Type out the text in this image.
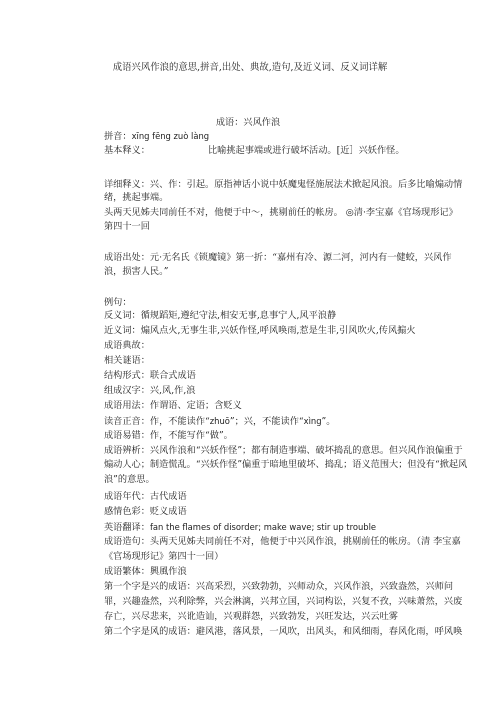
成语兴风作浪的意思,拼音,出处、典故,造句,及近义词、反义词详解
成语：兴风作浪
拼音：xīng fēng zuò làng
基本释义：	比喻挑起事端或进行破坏活动。[近］兴妖作怪。
详细释义：兴、作：引起。原指神话小说中妖魔鬼怪施展法术掀起风浪。后多比喻煽动情
绪，挑起事端。
头两天见姊夫同前任不对，他便于中～，挑剔前任的帐房。 ◎清·李宝嘉《官场现形记》
第四十一回
成语出处：元·无名氏《锁魔镜》第一折：“嘉州有冷、源二河，河内有一健蛟，兴风作
浪，损害人民。”
例句：
反义词：循规蹈矩,遵纪守法,相安无事,息事宁人,风平浪静
近义词：煽风点火,无事生非,兴妖作怪,呼风唤雨,惹是生非,引风吹火,传风搧火
成语典故：
相关谜语：
结构形式：联合式成语
组成汉字：兴,风,作,浪
成语用法：作谓语、定语；含贬义
读音正音：作，不能读作“zhuō”；兴，不能读作“xìng”。
成语易错：作，不能写作“做”。
成语辨析：兴风作浪和“兴妖作怪”；都有制造事端、破坏捣乱的意思。但兴风作浪偏重于
煽动人心；制造慌乱。“兴妖作怪”偏重于暗地里破坏、捣乱；语义范围大；但没有“掀起风
浪”的意思。
成语年代：古代成语
感情色彩：贬义成语
英语翻译：fan the flames of disorder; make wave; stir up trouble
成语造句：头两天见姊夫同前任不对，他便于中兴风作浪，挑剔前任的帐房。（清 李宝嘉
《官场现形记》第四十一回）
成语繁体：興風作浪
第一个字是兴的成语：兴高采烈，兴致勃勃，兴师动众，兴风作浪，兴致盎然，兴师问
罪，兴趣盎然，兴利除弊，兴会淋漓，兴邦立国，兴词构讼，兴复不孜，兴味萧然，兴废
存亡，兴尽悲来，兴讹造讪，兴观群怨，兴致勃发，兴旺发达，兴云吐雾
第二个字是风的成语：避风港，落风景，一风吹，出风头，和风细雨，春风化雨，呼风唤
